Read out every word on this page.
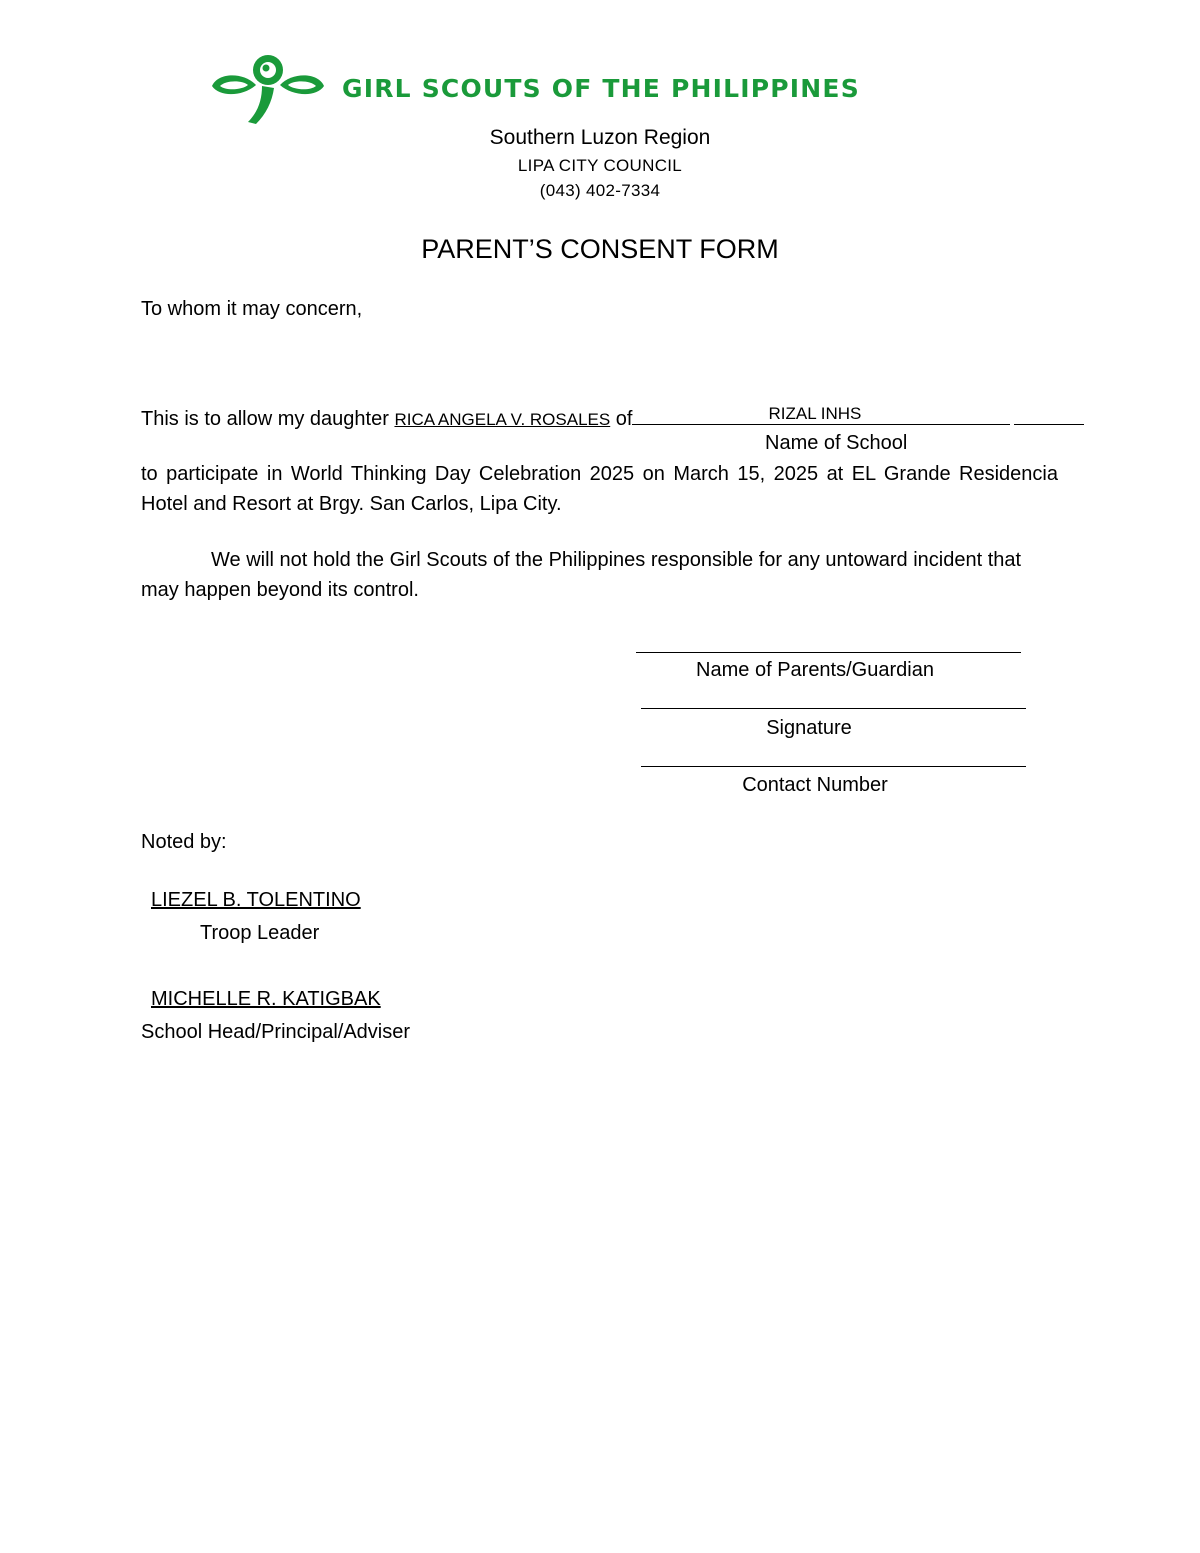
GIRL SCOUTS OF THE PHILIPPINES
Southern Luzon Region
LIPA CITY COUNCIL
(043) 402-7334
PARENT’S CONSENT FORM
To whom it may concern,
This is to allow my daughter RICA ANGELA V. ROSALES of	RIZAL INHS
Name of School
to participate in World Thinking Day Celebration 2025 on March 15, 2025 at EL Grande Residencia Hotel and Resort at Brgy. San Carlos, Lipa City.
We will not hold the Girl Scouts of the Philippines responsible for any untoward incident that may happen beyond its control.
Name of Parents/Guardian
Signature
Contact Number
Noted by:
LIEZEL B. TOLENTINO
Troop Leader
MICHELLE R. KATIGBAK
School Head/Principal/Adviser
